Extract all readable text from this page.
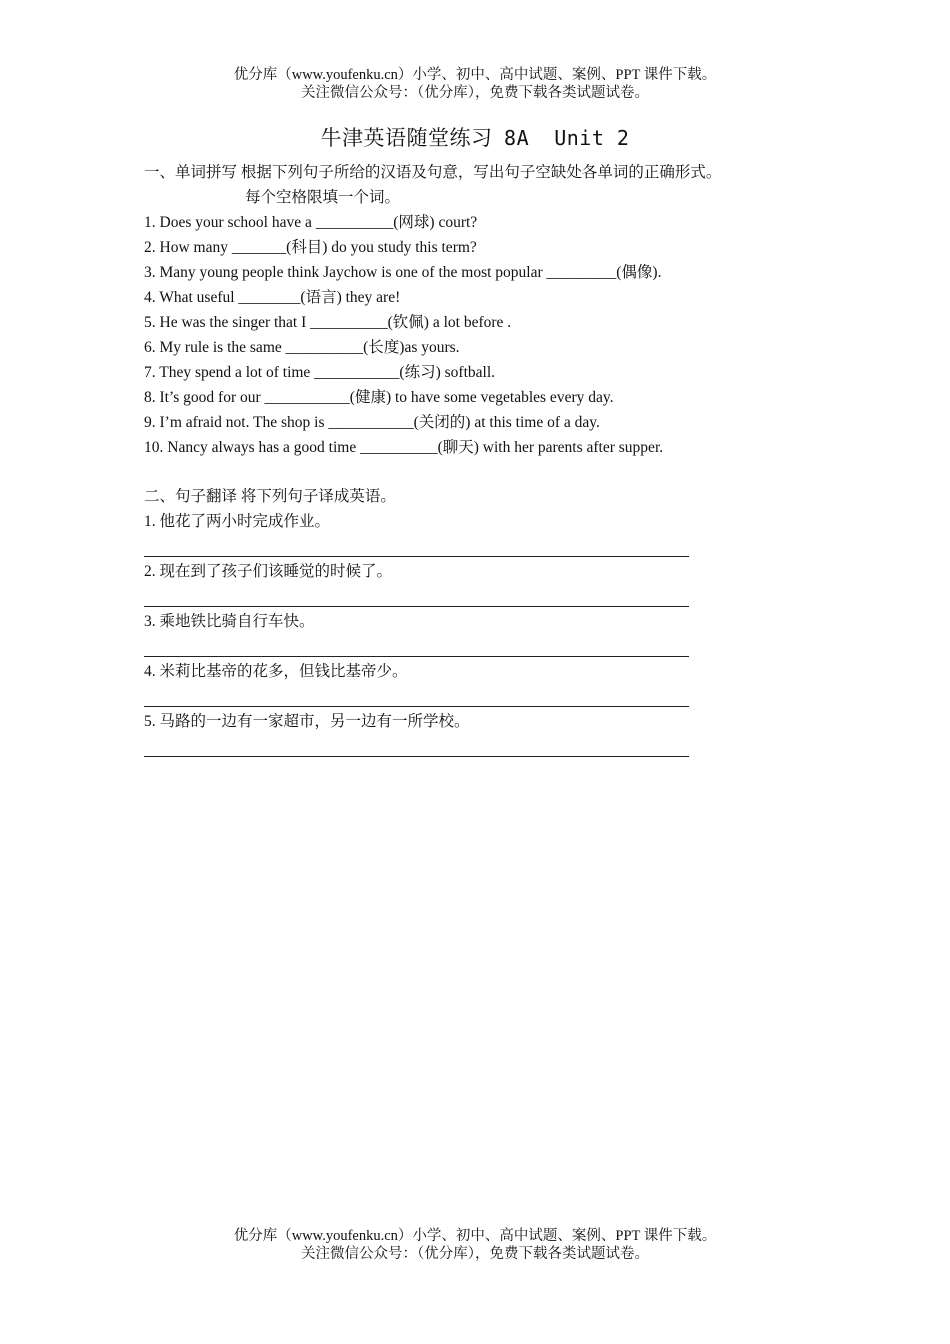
优分库（www.youfenku.cn）小学、初中、高中试题、案例、PPT 课件下载。
关注微信公众号：（优分库），免费下载各类试题试卷。
牛津英语随堂练习 8A  Unit 2
一、单词拼写 根据下列句子所给的汉语及句意，写出句子空缺处各单词的正确形式。
每个空格限填一个词。
1. Does your school have a __________(网球) court?
2. How many _______(科目) do you study this term?
3. Many young people think Jaychow is one of the most popular _________(偶像).
4. What useful ________(语言) they are!
5. He was the singer that I __________(钦佩) a lot before .
6. My rule is the same __________(长度)as yours.
7. They spend a lot of time ___________(练习) softball.
8. It’s good for our ___________(健康) to have some vegetables every day.
9. I’m afraid not. The shop is ___________(关闭的) at this time of a day.
10. Nancy always has a good time __________(聊天) with her parents after supper.
二、句子翻译 将下列句子译成英语。
1. 他花了两小时完成作业。
2. 现在到了孩子们该睡觉的时候了。
3. 乘地铁比骑自行车快。
4. 米莉比基帝的花多，但钱比基帝少。
5. 马路的一边有一家超市，另一边有一所学校。
优分库（www.youfenku.cn）小学、初中、高中试题、案例、PPT 课件下载。
关注微信公众号：（优分库），免费下载各类试题试卷。
